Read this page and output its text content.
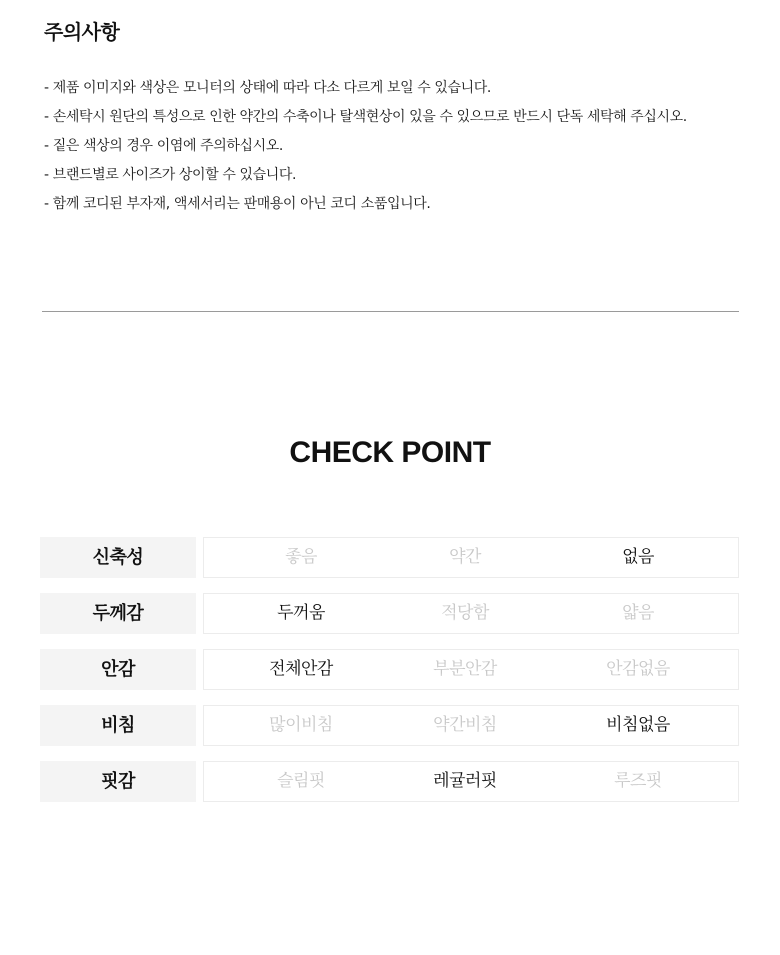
주의사항
- 제품 이미지와 색상은 모니터의 상태에 따라 다소 다르게 보일 수 있습니다.
- 손세탁시 원단의 특성으로 인한 약간의 수축이나 탈색현상이 있을 수 있으므로 반드시 단독 세탁해 주십시오.
- 짙은 색상의 경우 이염에 주의하십시오.
- 브랜드별로 사이즈가 상이할 수 있습니다.
- 함께 코디된 부자재, 액세서리는 판매용이 아닌 코디 소품입니다.
CHECK POINT
신축성	좋음	약간	없음
두께감	두꺼움	적당함	얇음
안감	전체안감	부분안감	안감없음
비침	많이비침	약간비침	비침없음
핏감	슬림핏	레귤러핏	루즈핏
